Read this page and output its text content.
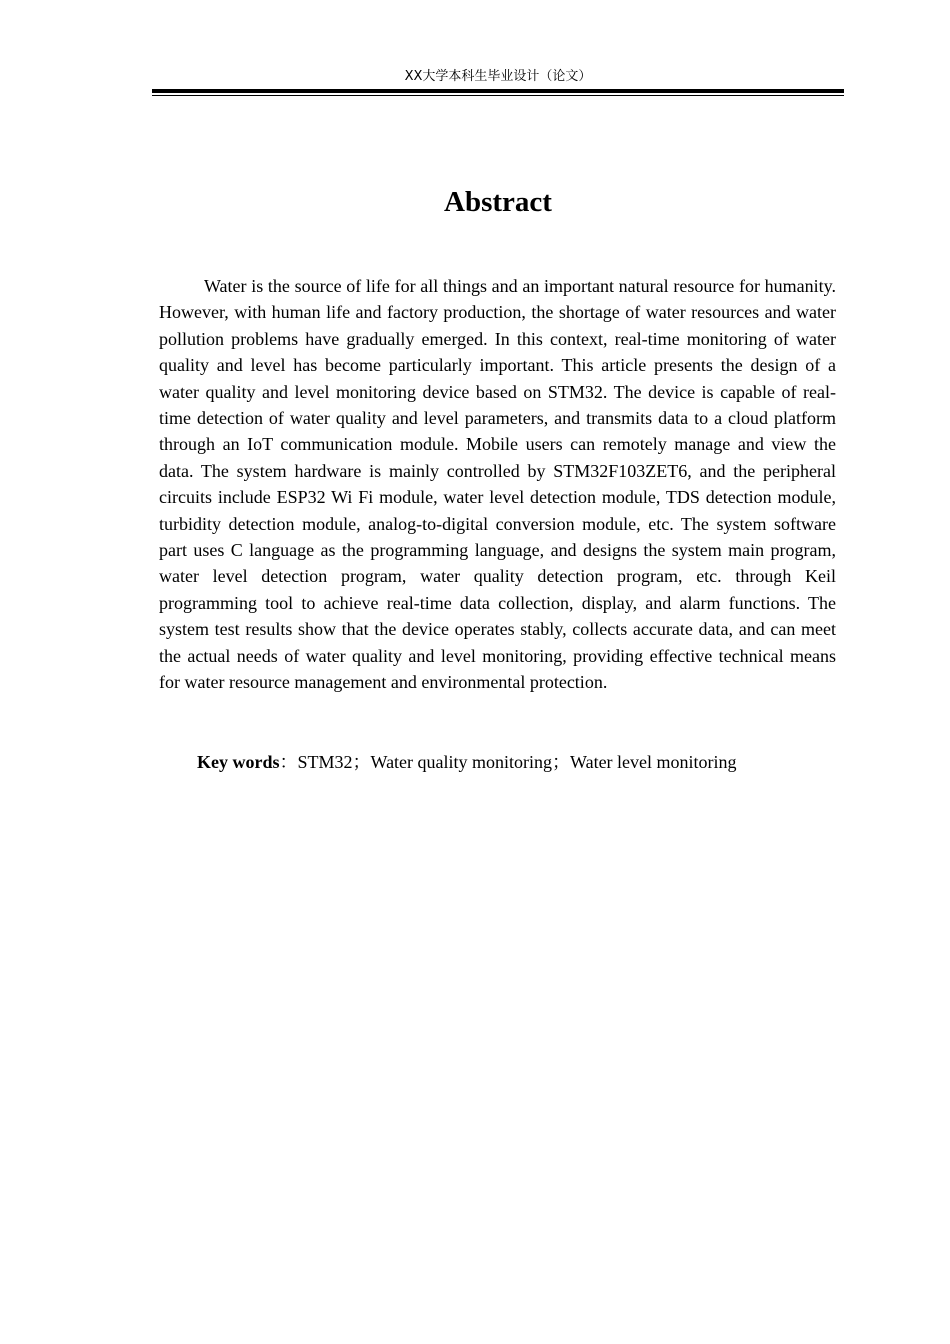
XX大学本科生毕业设计（论文）
Abstract

Water is the source of life for all things and an important natural resource for humanity. However, with human life and factory production, the shortage of water resources and water pollution problems have gradually emerged. In this context, real-time monitoring of water quality and level has become particularly important. This article presents the design of a water quality and level monitoring device based on STM32. The device is capable of real-time detection of water quality and level parameters, and transmits data to a cloud platform through an IoT communication module. Mobile users can remotely manage and view the data. The system hardware is mainly controlled by STM32F103ZET6, and the peripheral circuits include ESP32 Wi Fi module, water level detection module, TDS detection module, turbidity detection module, analog-to-digital conversion module, etc. The system software part uses C language as the programming language, and designs the system main program, water level detection program, water quality detection program, etc. through Keil programming tool to achieve real-time data collection, display, and alarm functions. The system test results show that the device operates stably, collects accurate data, and can meet the actual needs of water quality and level monitoring, providing effective technical means for water resource management and environmental protection.

Key words：STM32；Water quality monitoring；Water level monitoring
